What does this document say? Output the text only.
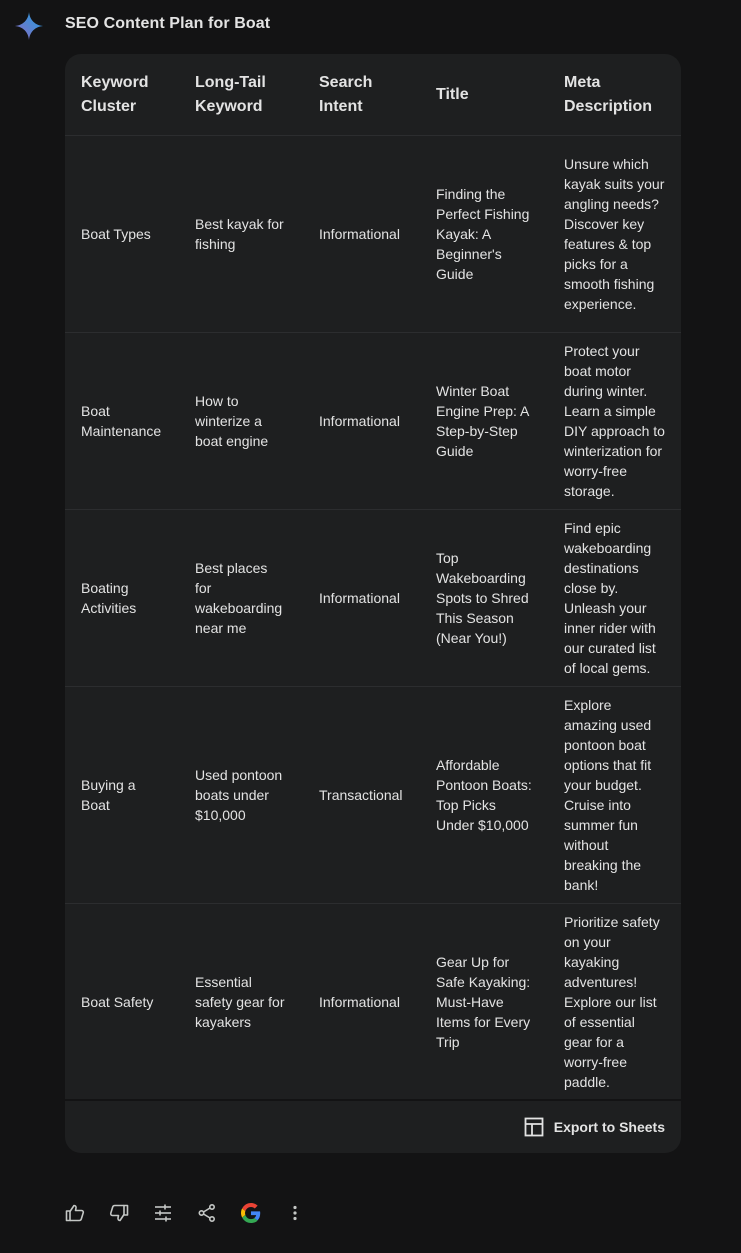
SEO Content Plan for Boat
Keyword Cluster	Long-Tail Keyword	Search Intent	Title	Meta Description
Boat Types	Best kayak for fishing	Informational	Finding the Perfect Fishing Kayak: A Beginner's Guide	Unsure which kayak suits your angling needs? Discover key features & top picks for a smooth fishing experience.
Boat Maintenance	How to winterize a boat engine	Informational	Winter Boat Engine Prep: A Step-by-Step Guide	Protect your boat motor during winter. Learn a simple DIY approach to winterization for worry-free storage.
Boating Activities	Best places for wakeboarding near me	Informational	Top Wakeboarding Spots to Shred This Season (Near You!)	Find epic wakeboarding destinations close by. Unleash your inner rider with our curated list of local gems.
Buying a Boat	Used pontoon boats under $10,000	Transactional	Affordable Pontoon Boats: Top Picks Under $10,000	Explore amazing used pontoon boat options that fit your budget. Cruise into summer fun without breaking the bank!
Boat Safety	Essential safety gear for kayakers	Informational	Gear Up for Safe Kayaking: Must-Have Items for Every Trip	Prioritize safety on your kayaking adventures! Explore our list of essential gear for a worry-free paddle.
Export to Sheets
